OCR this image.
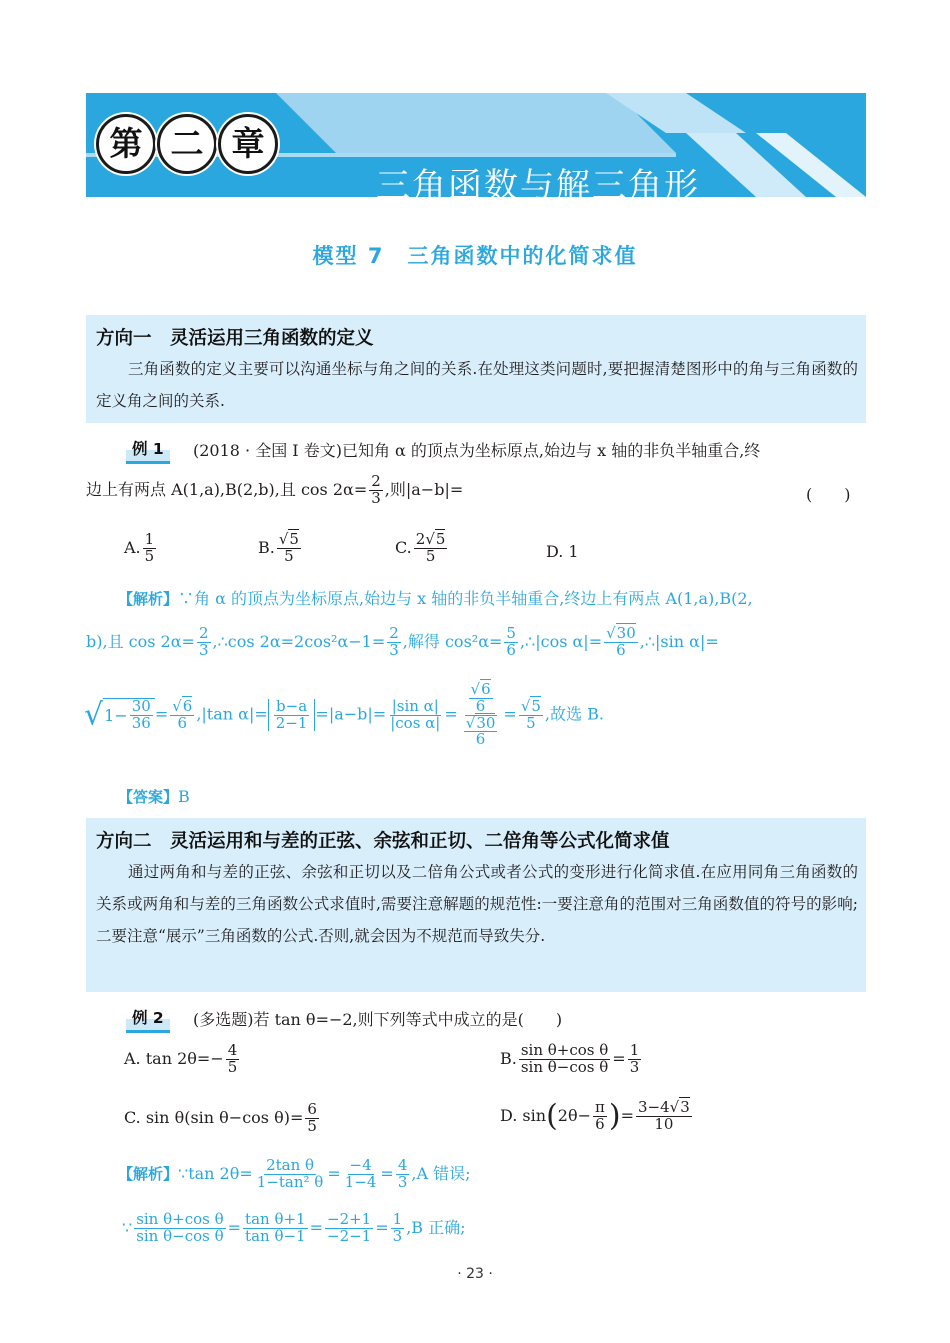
第 二 章
三角函数与解三角形
模型 7　三角函数中的化简求值
方向一　灵活运用三角函数的定义
三角函数的定义主要可以沟通坐标与角之间的关系.在处理这类问题时,要把握清楚图形中的角与三角函数的定义角之间的关系.
例 1	(2018 · 全国 Ⅰ 卷文)已知角 α 的顶点为坐标原点,始边与 x 轴的非负半轴重合,终
边上有两点 A(1,a),B(2,b),且 $\cos 2\alpha= \frac{2}{3}$ ,则|a−b|=	(　　)
A. $\frac{1}{5}$	B. √ $\frac{5}{5}$	C. $\frac{2 √ 5}{5}$	D. 1
【解析】∵角 α 的顶点为坐标原点,始边与 x 轴的非负半轴重合,终边上有两点 A(1,a),B(2,
b),且 $\cos 2\alpha= \frac{2}{3}$ ,∴cos $2\alpha=2\cos^2\alpha-1= \frac{2}{3}$ ,解得 $\cos^2\alpha= \frac{5}{6}$ ,∴|cos α|= √ $\frac{30}{6}$ ,∴|sin α|=
$√1- \frac{30}{36}$ = √ $\frac{6}{6} ,|\tan$ $\alpha|= \frac{b-a}{2-1} =|a-b|= \frac{\text{|sin α|}}{\text{|cos α|}}$ = √ $\frac{6}{6}$
√ $\frac{30}{6}$ = √ $\frac{5}{5}$ ,故选 B.
【答案】B
方向二　灵活运用和与差的正弦、余弦和正切、二倍角等公式化简求值
通过两角和与差的正弦、余弦和正切以及二倍角公式或者公式的变形进行化简求值.在应用同角三角函数的关系或两角和与差的三角函数公式求值时,需要注意解题的规范性:一要注意角的范围对三角函数值的符号的影响;二要注意“展示”三角函数的公式.否则,就会因为不规范而导致失分.
例 2	(多选题)若 tan θ=−2,则下列等式中成立的是(　　)
A. $\tan 2\theta=- \frac{4}{5}$	B. $\frac{\text{sin θ+cos θ}}{\text{sin θ−cos θ}} = \frac{1}{3}$
C. sin θ(sin θ−cos $\theta)= \frac{6}{5}$	D. $\sin(2\theta- \frac{\pi}{6}$ )= $\frac{3-4 √ 3}{10}$
【解析】∵tan $2\theta= \frac{\text{2tan θ}}{\text{1−tan² θ}} = \frac{-4}{1-4} = \frac{4}{3} ,A$ 错误;
∵ $\frac{\text{sin θ+cos θ}}{\text{sin θ−cos θ}} = \frac{\text{tan θ+1}}{\text{tan θ−1}} = \frac{-2+1}{-2-1} = \frac{1}{3} ,B$ 正确;
· 23 ·
